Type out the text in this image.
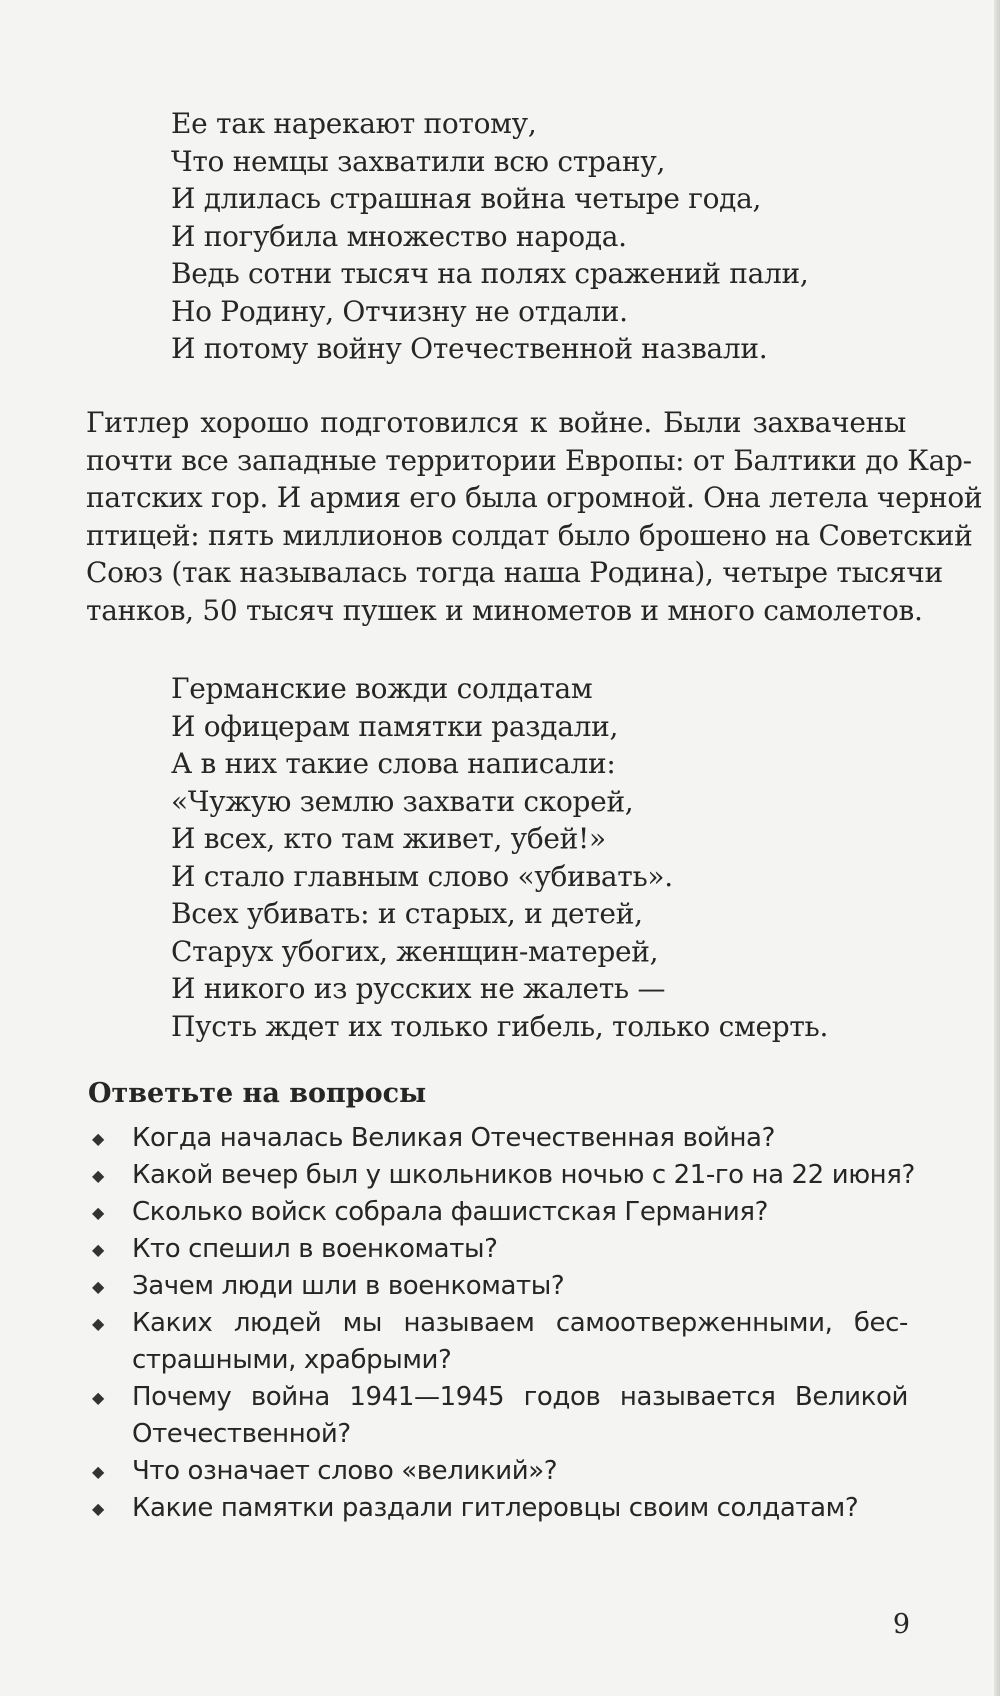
Ее так нарекают потому,
Что немцы захватили всю страну,
И длилась страшная война четыре года,
И погубила множество народа.
Ведь сотни тысяч на полях сражений пали,
Но Родину, Отчизну не отдали.
И потому войну Отечественной назвали.
Гитлер хорошо подготовился к войне. Были захвачены
почти все западные территории Европы: от Балтики до Кар-
патских гор. И армия его была огромной. Она летела черной
птицей: пять миллионов солдат было брошено на Советский
Союз (так называлась тогда наша Родина), четыре тысячи
танков, 50 тысяч пушек и минометов и много самолетов.
Германские вожди солдатам
И офицерам памятки раздали,
А в них такие слова написали:
«Чужую землю захвати скорей,
И всех, кто там живет, убей!»
И стало главным слово «убивать».
Всех убивать: и старых, и детей,
Старух убогих, женщин-матерей,
И никого из русских не жалеть —
Пусть ждет их только гибель, только смерть.
Ответьте на вопросы
◆	Когда началась Великая Отечественная война?
◆	Какой вечер был у школьников ночью с 21-го на 22 июня?
◆	Сколько войск собрала фашистская Германия?
◆	Кто спешил в военкоматы?
◆	Зачем люди шли в военкоматы?
◆	Каких людей мы называем самоотверженными, бес-
страшными, храбрыми?
◆	Почему война 1941—1945 годов называется Великой
Отечественной?
◆	Что означает слово «великий»?
◆	Какие памятки раздали гитлеровцы своим солдатам?
9
